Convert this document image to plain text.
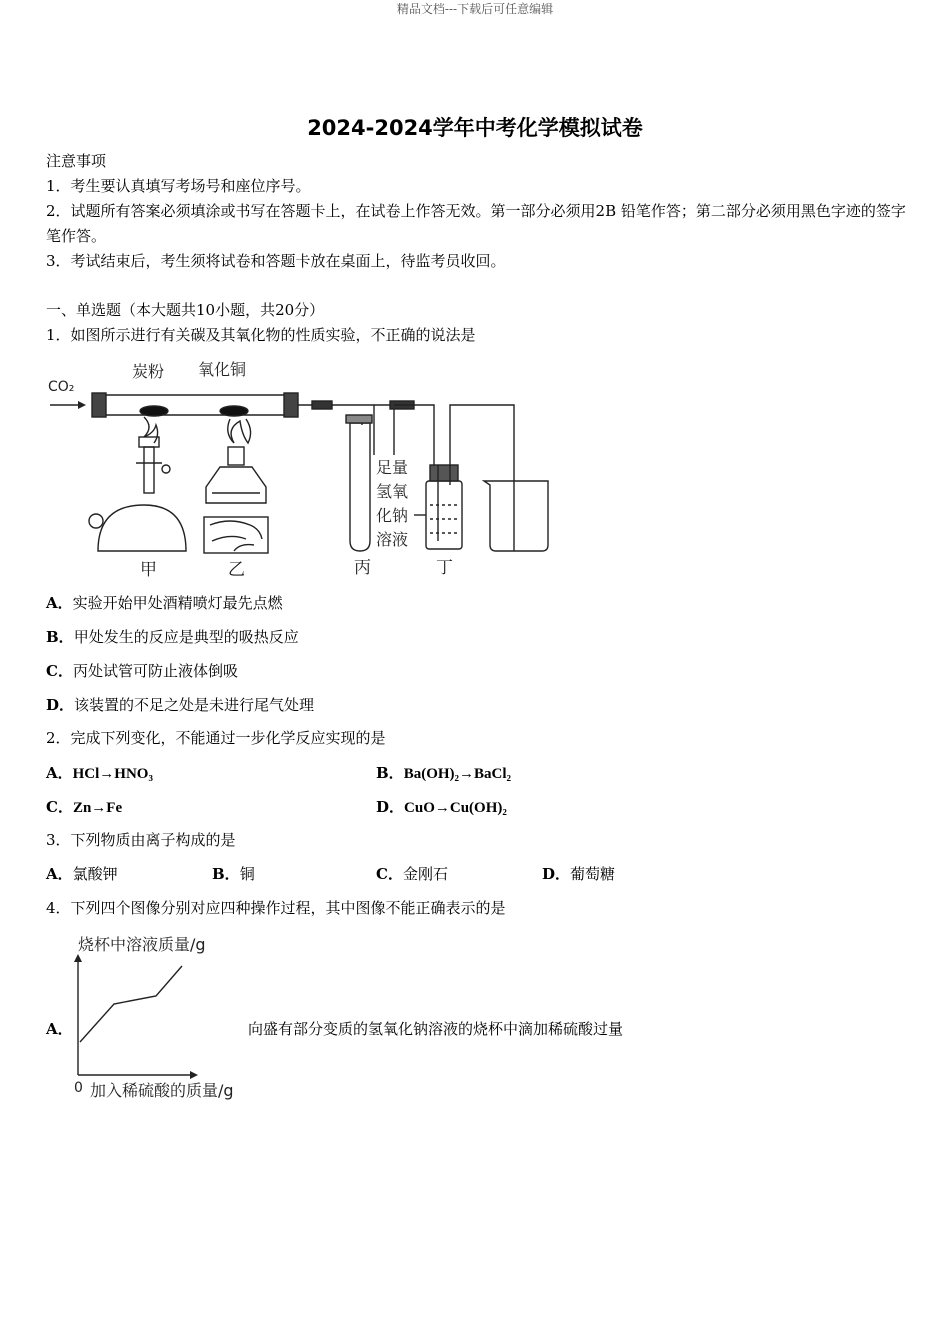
精品文档---下载后可任意编辑
2024-2024学年中考化学模拟试卷
注意事项
1．考生要认真填写考场号和座位序号。
2．试题所有答案必须填涂或书写在答题卡上，在试卷上作答无效。第一部分必须用2B 铅笔作答；第二部分必须用黑色字迹的签字笔作答。
3．考试结束后，考生须将试卷和答题卡放在桌面上，待监考员收回。
一、单选题（本大题共10小题，共20分）
1．如图所示进行有关碳及其氧化物的性质实验，不正确的说法是
CO₂
炭粉 氧化铜
足量
氢氧
化钠
溶液
甲	乙	丙	丁
A．实验开始甲处酒精喷灯最先点燃
B．甲处发生的反应是典型的吸热反应
C．丙处试管可防止液体倒吸
D．该装置的不足之处是未进行尾气处理
2．完成下列变化，不能通过一步化学反应实现的是
A．HCl→HNO₃	B．Ba(OH)₂→BaCl₂
C．Zn→Fe	D．CuO→Cu(OH)₂
3．下列物质由离子构成的是
A．氯酸钾	B．铜	C．金刚石	D．葡萄糖
4．下列四个图像分别对应四种操作过程，其中图像不能正确表示的是
A．
烧杯中溶液质量/g
0 加入稀硫酸的质量/g
向盛有部分变质的氢氧化钠溶液的烧杯中滴加稀硫酸过量
